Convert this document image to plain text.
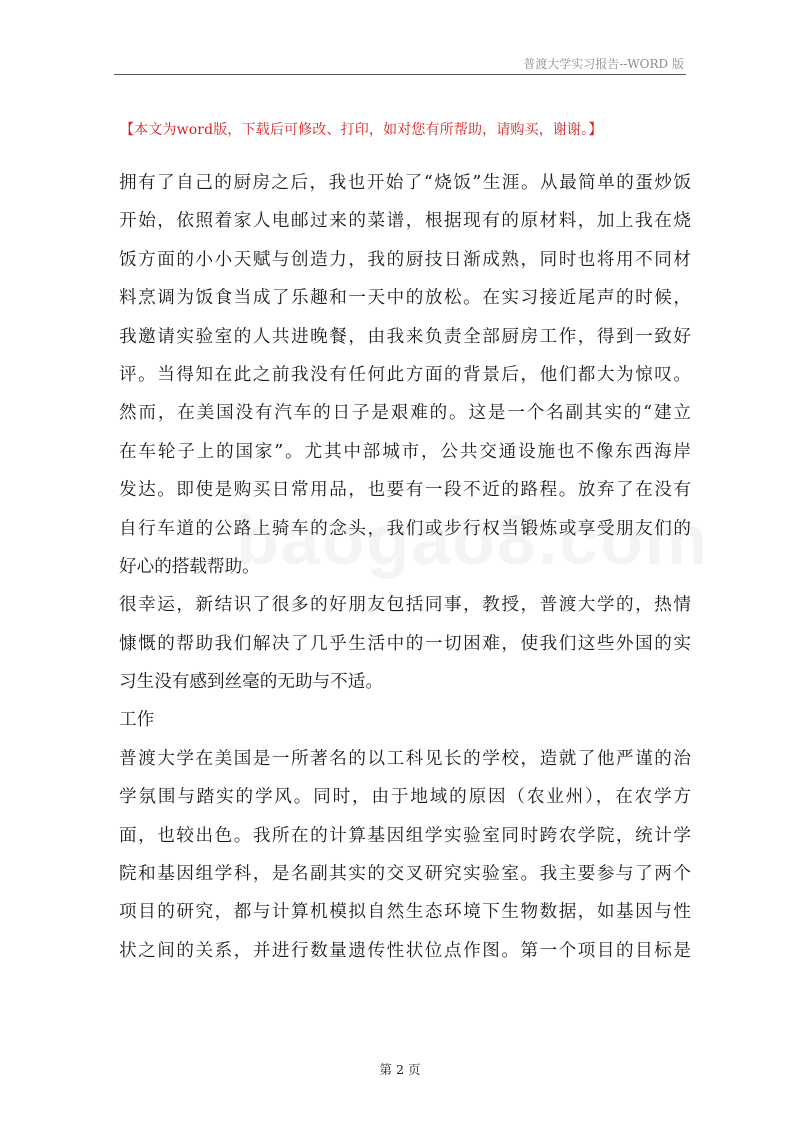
普渡大学实习报告--WORD 版
【本文为word版，下载后可修改、打印，如对您有所帮助，请购买，谢谢。】
拥有了自己的厨房之后，我也开始了“烧饭”生涯。从最简单的蛋炒饭
开始，依照着家人电邮过来的菜谱，根据现有的原材料，加上我在烧
饭方面的小小天赋与创造力，我的厨技日渐成熟，同时也将用不同材
料烹调为饭食当成了乐趣和一天中的放松。在实习接近尾声的时候，
我邀请实验室的人共进晚餐，由我来负责全部厨房工作，得到一致好
评。当得知在此之前我没有任何此方面的背景后，他们都大为惊叹。
然而，在美国没有汽车的日子是艰难的。这是一个名副其实的“建立
在车轮子上的国家”。尤其中部城市，公共交通设施也不像东西海岸
发达。即使是购买日常用品，也要有一段不近的路程。放弃了在没有
自行车道的公路上骑车的念头，我们或步行权当锻炼或享受朋友们的
好心的搭载帮助。
很幸运，新结识了很多的好朋友包括同事，教授，普渡大学的，热情
慷慨的帮助我们解决了几乎生活中的一切困难，使我们这些外国的实
习生没有感到丝毫的无助与不适。
工作
普渡大学在美国是一所著名的以工科见长的学校，造就了他严谨的治
学氛围与踏实的学风。同时，由于地域的原因（农业州），在农学方
面，也较出色。我所在的计算基因组学实验室同时跨农学院，统计学
院和基因组学科，是名副其实的交叉研究实验室。我主要参与了两个
项目的研究，都与计算机模拟自然生态环境下生物数据，如基因与性
状之间的关系，并进行数量遗传性状位点作图。第一个项目的目标是
第 2 页
